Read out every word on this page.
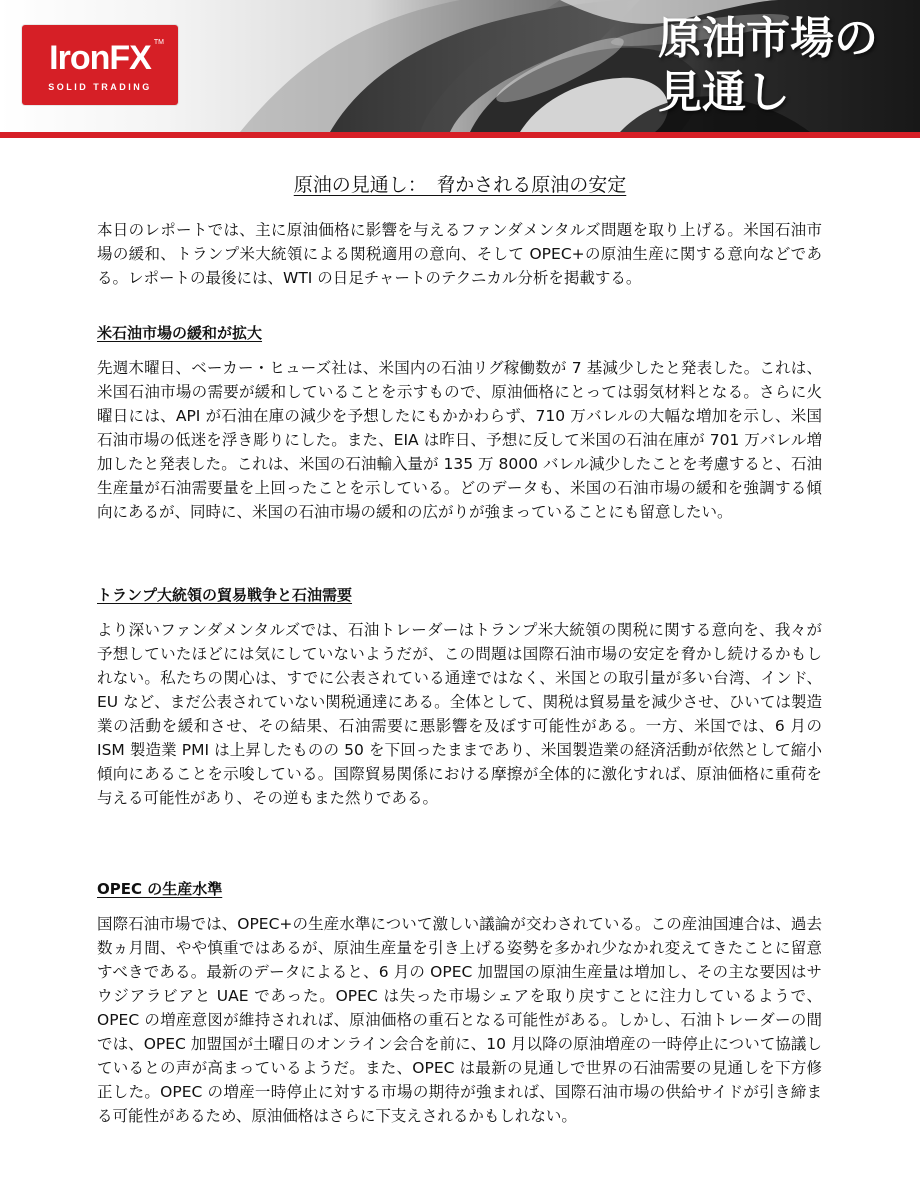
IronFX TM
SOLID TRADING
原油市場の
見通し
原油の見通し：　脅かされる原油の安定

本日のレポートでは、主に原油価格に影響を与えるファンダメンタルズ問題を取り上げる。米国石油市場の緩和、トランプ米大統領による関税適用の意向、そして OPEC+の原油生産に関する意向などである。レポートの最後には、WTI の日足チャートのテクニカル分析を掲載する。

米石油市場の緩和が拡大

先週木曜日、ベーカー・ヒューズ社は、米国内の石油リグ稼働数が 7 基減少したと発表した。これは、米国石油市場の需要が緩和していることを示すもので、原油価格にとっては弱気材料となる。さらに火曜日には、API が石油在庫の減少を予想したにもかかわらず、710 万バレルの大幅な増加を示し、米国石油市場の低迷を浮き彫りにした。また、EIA は昨日、予想に反して米国の石油在庫が 701 万バレル増加したと発表した。これは、米国の石油輸入量が 135 万 8000 バレル減少したことを考慮すると、石油生産量が石油需要量を上回ったことを示している。どのデータも、米国の石油市場の緩和を強調する傾向にあるが、同時に、米国の石油市場の緩和の広がりが強まっていることにも留意したい。

トランプ大統領の貿易戦争と石油需要

より深いファンダメンタルズでは、石油トレーダーはトランプ米大統領の関税に関する意向を、我々が予想していたほどには気にしていないようだが、この問題は国際石油市場の安定を脅かし続けるかもしれない。私たちの関心は、すでに公表されている通達ではなく、米国との取引量が多い台湾、インド、EU など、まだ公表されていない関税通達にある。全体として、関税は貿易量を減少させ、ひいては製造業の活動を緩和させ、その結果、石油需要に悪影響を及ぼす可能性がある。一方、米国では、6 月の ISM 製造業 PMI は上昇したものの 50 を下回ったままであり、米国製造業の経済活動が依然として縮小傾向にあることを示唆している。国際貿易関係における摩擦が全体的に激化すれば、原油価格に重荷を与える可能性があり、その逆もまた然りである。

OPEC の生産水準

国際石油市場では、OPEC+の生産水準について激しい議論が交わされている。この産油国連合は、過去数ヵ月間、やや慎重ではあるが、原油生産量を引き上げる姿勢を多かれ少なかれ変えてきたことに留意すべきである。最新のデータによると、6 月の OPEC 加盟国の原油生産量は増加し、その主な要因はサウジアラビアと UAE であった。OPEC は失った市場シェアを取り戻すことに注力しているようで、OPEC の増産意図が維持されれば、原油価格の重石となる可能性がある。しかし、石油トレーダーの間では、OPEC 加盟国が土曜日のオンライン会合を前に、10 月以降の原油増産の一時停止について協議しているとの声が高まっているようだ。また、OPEC は最新の見通しで世界の石油需要の見通しを下方修正した。OPEC の増産一時停止に対する市場の期待が強まれば、国際石油市場の供給サイドが引き締まる可能性があるため、原油価格はさらに下支えされるかもしれない。
